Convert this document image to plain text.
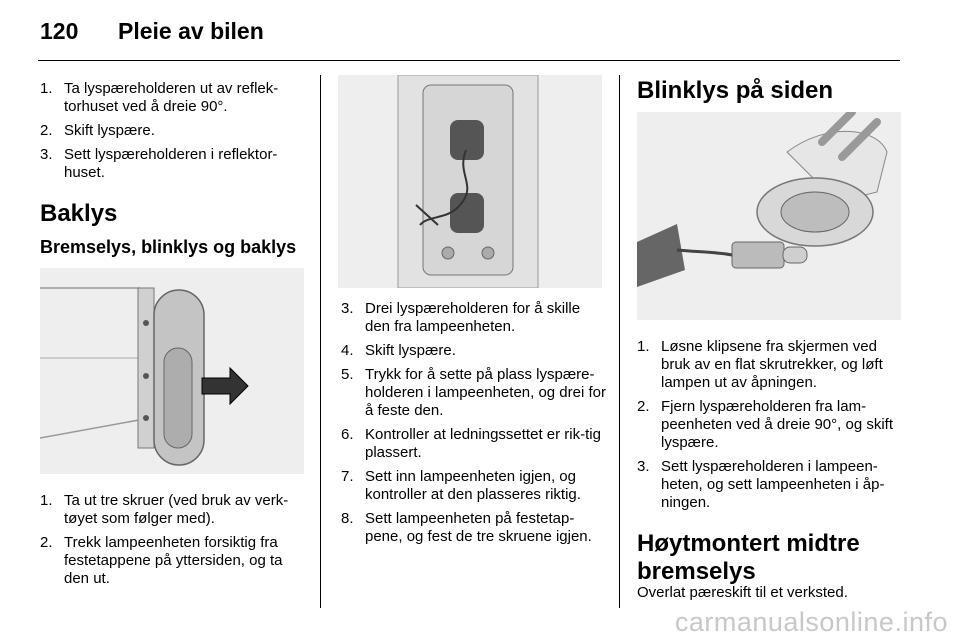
120 Pleie av bilen
1. Ta lyspæreholderen ut av reflek-torhuset ved å dreie 90°.
2. Skift lyspære.
3. Sett lyspæreholderen i reflektor-huset.
Baklys
Bremselys, blinklys og baklys
1. Ta ut tre skruer (ved bruk av verk-tøyet som følger med).
2. Trekk lampeenheten forsiktig fra festetappene på yttersiden, og ta den ut.
3. Drei lyspæreholderen for å skille den fra lampeenheten.
4. Skift lyspære.
5. Trykk for å sette på plass lyspære-holderen i lampeenheten, og drei for å feste den.
6. Kontroller at ledningssettet er rik-tig plassert.
7. Sett inn lampeenheten igjen, og kontroller at den plasseres riktig.
8. Sett lampeenheten på festetap-pene, og fest de tre skruene igjen.
Blinklys på siden
1. Løsne klipsene fra skjermen ved bruk av en flat skrutrekker, og løft lampen ut av åpningen.
2. Fjern lyspæreholderen fra lam-peenheten ved å dreie 90°, og skift lyspære.
3. Sett lyspæreholderen i lampeen-heten, og sett lampeenheten i åp-ningen.
Høytmontert midtre bremselys
Overlat pæreskift til et verksted.
carmanualsonline.info
